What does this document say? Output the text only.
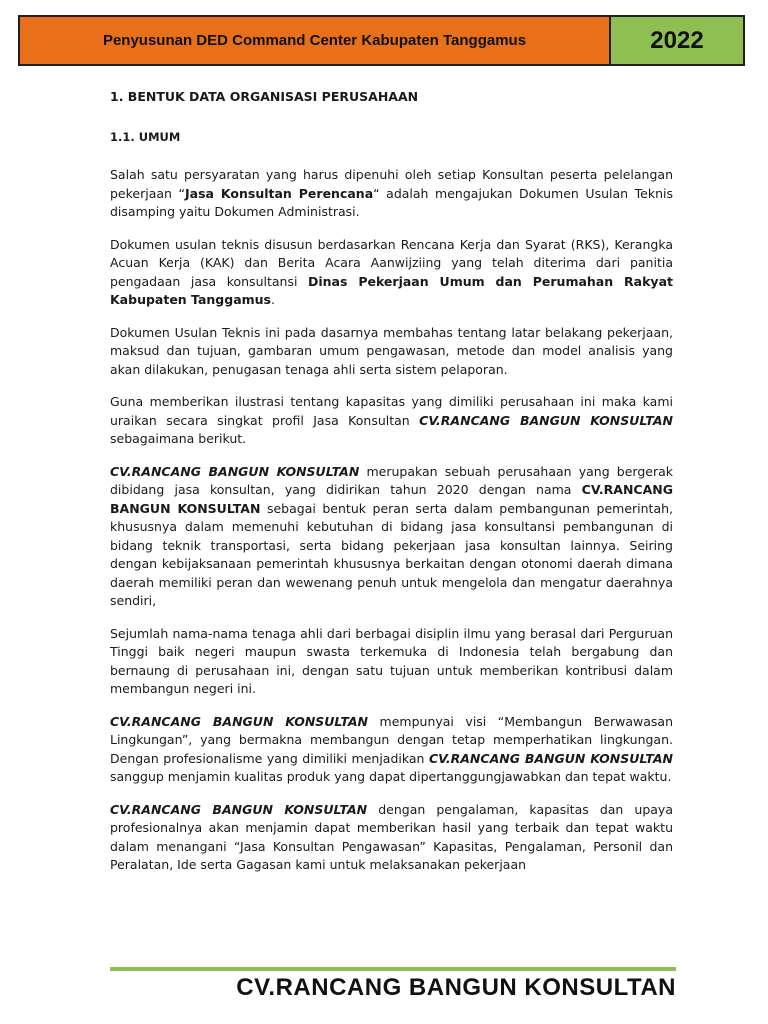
Penyusunan DED Command Center Kabupaten Tanggamus	2022
1. BENTUK DATA ORGANISASI PERUSAHAAN
1.1. UMUM
Salah satu persyaratan yang harus dipenuhi oleh setiap Konsultan peserta pelelangan pekerjaan “Jasa Konsultan Perencana“ adalah mengajukan Dokumen Usulan Teknis disamping yaitu Dokumen Administrasi.
Dokumen usulan teknis disusun berdasarkan Rencana Kerja dan Syarat (RKS), Kerangka Acuan Kerja (KAK) dan Berita Acara Aanwijziing yang telah diterima dari panitia pengadaan jasa konsultansi Dinas Pekerjaan Umum dan Perumahan Rakyat Kabupaten Tanggamus.
Dokumen Usulan Teknis ini pada dasarnya membahas tentang latar belakang pekerjaan, maksud dan tujuan, gambaran umum pengawasan, metode dan model analisis yang akan dilakukan, penugasan tenaga ahli serta sistem pelaporan.
Guna memberikan ilustrasi tentang kapasitas yang dimiliki perusahaan ini maka kami uraikan secara singkat profil Jasa Konsultan CV.RANCANG BANGUN KONSULTAN sebagaimana berikut.
CV.RANCANG BANGUN KONSULTAN merupakan sebuah perusahaan yang bergerak dibidang jasa konsultan, yang didirikan tahun 2020 dengan nama CV.RANCANG BANGUN KONSULTAN sebagai bentuk peran serta dalam pembangunan pemerintah, khususnya dalam memenuhi kebutuhan di bidang jasa konsultansi pembangunan di bidang teknik transportasi, serta bidang pekerjaan jasa konsultan lainnya. Seiring dengan kebijaksanaan pemerintah khususnya berkaitan dengan otonomi daerah dimana daerah memiliki peran dan wewenang penuh untuk mengelola dan mengatur daerahnya sendiri,
Sejumlah nama-nama tenaga ahli dari berbagai disiplin ilmu yang berasal dari Perguruan Tinggi baik negeri maupun swasta terkemuka di Indonesia telah bergabung dan bernaung di perusahaan ini, dengan satu tujuan untuk memberikan kontribusi dalam membangun negeri ini.
CV.RANCANG BANGUN KONSULTAN mempunyai visi “Membangun Berwawasan Lingkungan”, yang bermakna membangun dengan tetap memperhatikan lingkungan. Dengan profesionalisme yang dimiliki menjadikan CV.RANCANG BANGUN KONSULTAN sanggup menjamin kualitas produk yang dapat dipertanggungjawabkan dan tepat waktu.
CV.RANCANG BANGUN KONSULTAN dengan pengalaman, kapasitas dan upaya profesionalnya akan menjamin dapat memberikan hasil yang terbaik dan tepat waktu dalam menangani “Jasa Konsultan Pengawasan” Kapasitas, Pengalaman, Personil dan Peralatan, Ide serta Gagasan kami untuk melaksanakan pekerjaan
CV.RANCANG BANGUN KONSULTAN
